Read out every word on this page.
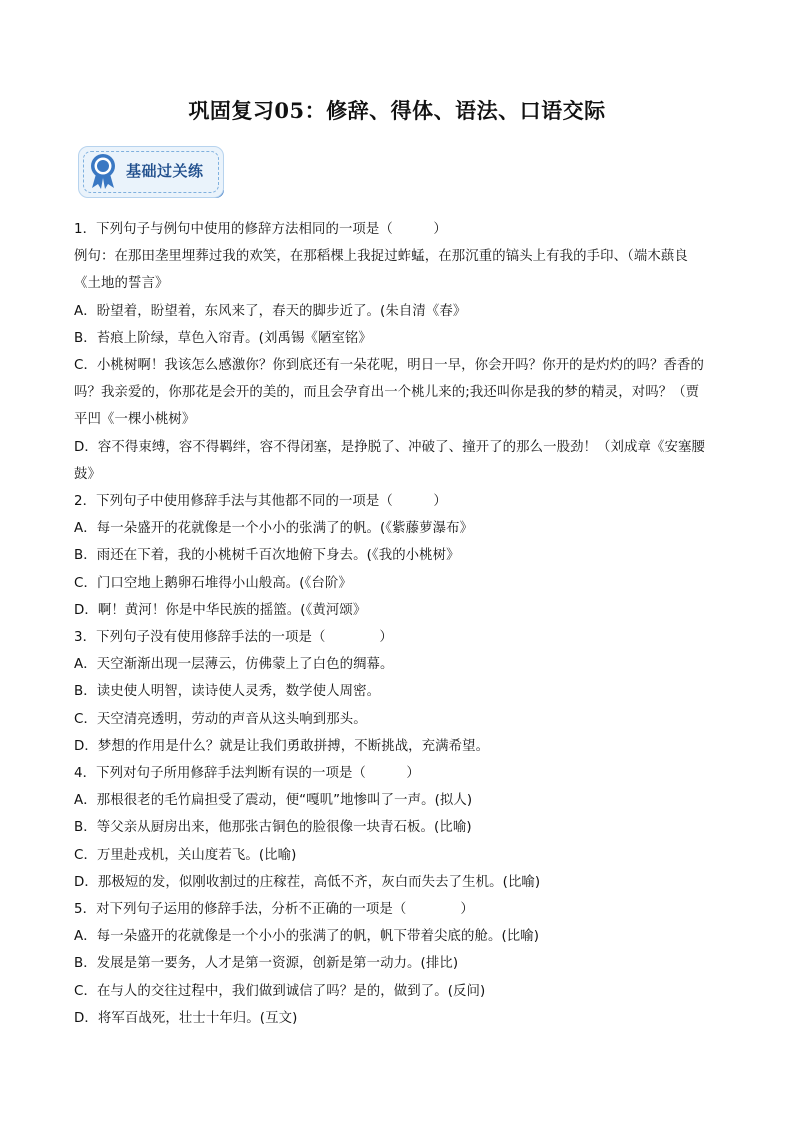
巩固复习05：修辞、得体、语法、口语交际
基础过关练
1．下列句子与例句中使用的修辞方法相同的一项是（　　　）
例句：在那田垄里埋葬过我的欢笑，在那稻棵上我捉过蚱蜢，在那沉重的镐头上有我的手印、（端木蕻良
《土地的誓言》
A．盼望着，盼望着，东风来了，春天的脚步近了。(朱自清《春》
B．苔痕上阶绿，草色入帘青。(刘禹锡《陋室铭》
C．小桃树啊！我该怎么感激你？你到底还有一朵花呢，明日一早，你会开吗？你开的是灼灼的吗？香香的
吗？我亲爱的，你那花是会开的美的，而且会孕育出一个桃儿来的;我还叫你是我的梦的精灵，对吗？（贾
平凹《一棵小桃树》
D．容不得束缚，容不得羁绊，容不得闭塞，是挣脱了、冲破了、撞开了的那么一股劲！（刘成章《安塞腰
鼓》
2．下列句子中使用修辞手法与其他都不同的一项是（　　　）
A．每一朵盛开的花就像是一个小小的张满了的帆。(《紫藤萝瀑布》
B．雨还在下着，我的小桃树千百次地俯下身去。(《我的小桃树》
C．门口空地上鹅卵石堆得小山般高。(《台阶》
D．啊！黄河！你是中华民族的摇篮。(《黄河颂》
3．下列句子没有使用修辞手法的一项是（　　　　）
A．天空渐渐出现一层薄云，仿佛蒙上了白色的绸幕。
B．读史使人明智，读诗使人灵秀，数学使人周密。
C．天空清亮透明，劳动的声音从这头响到那头。
D．梦想的作用是什么？就是让我们勇敢拼搏，不断挑战，充满希望。
4．下列对句子所用修辞手法判断有误的一项是（　　　）
A．那根很老的毛竹扁担受了震动，便“嘎叽”地惨叫了一声。(拟人)
B．等父亲从厨房出来，他那张古铜色的脸很像一块青石板。(比喻)
C．万里赴戎机，关山度若飞。(比喻)
D．那极短的发，似刚收割过的庄稼茬，高低不齐，灰白而失去了生机。(比喻)
5．对下列句子运用的修辞手法，分析不正确的一项是（　　　　）
A．每一朵盛开的花就像是一个小小的张满了的帆，帆下带着尖底的舱。(比喻)
B．发展是第一要务，人才是第一资源，创新是第一动力。(排比)
C．在与人的交往过程中，我们做到诚信了吗？是的，做到了。(反问)
D．将军百战死，壮士十年归。(互文)
